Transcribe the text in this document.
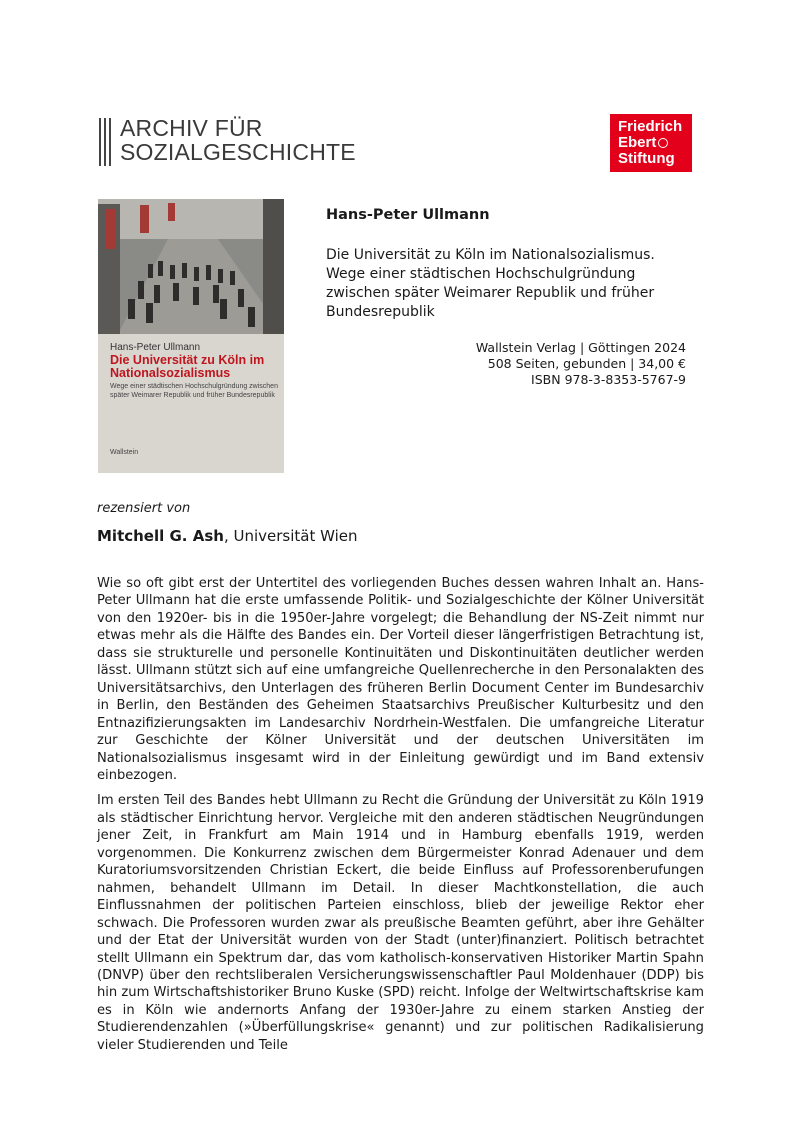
ARCHIV FÜR
SOZIALGESCHICHTE
Friedrich
Ebert
Stiftung
Hans-Peter Ullmann
Die Universität zu Köln im Nationalsozialismus
Wege einer städtischen Hochschulgründung zwischen später Weimarer Republik und früher Bundesrepublik
Wallstein
Hans-Peter Ullmann
Die Universität zu Köln im Nationalsozialismus. Wege einer städtischen Hochschulgründung zwischen später Weimarer Republik und früher Bundesrepublik
Wallstein Verlag | Göttingen 2024
508 Seiten, gebunden | 34,00 €
ISBN 978-3-8353-5767-9
rezensiert von
Mitchell G. Ash, Universität Wien

Wie so oft gibt erst der Untertitel des vorliegenden Buches dessen wahren Inhalt an. Hans-Peter Ullmann hat die erste umfassende Politik- und Sozialgeschichte der Kölner Universität von den 1920er- bis in die 1950er-Jahre vorgelegt; die Behandlung der NS-Zeit nimmt nur etwas mehr als die Hälfte des Bandes ein. Der Vorteil dieser längerfristigen Betrachtung ist, dass sie strukturelle und personelle Kontinuitäten und Diskontinuitäten deutlicher werden lässt. Ullmann stützt sich auf eine umfangreiche Quellenrecherche in den Personalakten des Universitätsarchivs, den Unterlagen des früheren Berlin Document Center im Bundesarchiv in Berlin, den Beständen des Geheimen Staatsarchivs Preußischer Kulturbesitz und den Entnazifizierungsakten im Landesarchiv Nordrhein-Westfalen. Die umfangreiche Literatur zur Geschichte der Kölner Universität und der deutschen Universitäten im Nationalsozialismus insgesamt wird in der Einleitung gewürdigt und im Band extensiv einbezogen.

Im ersten Teil des Bandes hebt Ullmann zu Recht die Gründung der Universität zu Köln 1919 als städtischer Einrichtung hervor. Vergleiche mit den anderen städtischen Neugründungen jener Zeit, in Frankfurt am Main 1914 und in Hamburg ebenfalls 1919, werden vorgenommen. Die Konkurrenz zwischen dem Bürgermeister Konrad Adenauer und dem Kuratoriumsvorsitzenden Christian Eckert, die beide Einfluss auf Professorenberufungen nahmen, behandelt Ullmann im Detail. In dieser Machtkonstellation, die auch Einflussnahmen der politischen Parteien einschloss, blieb der jeweilige Rektor eher schwach. Die Professoren wurden zwar als preußische Beamten geführt, aber ihre Gehälter und der Etat der Universität wurden von der Stadt (unter)finanziert. Politisch betrachtet stellt Ullmann ein Spektrum dar, das vom katholisch-konservativen Historiker Martin Spahn (DNVP) über den rechtsliberalen Versicherungswissenschaftler Paul Moldenhauer (DDP) bis hin zum Wirtschaftshistoriker Bruno Kuske (SPD) reicht. Infolge der Weltwirtschaftskrise kam es in Köln wie andernorts Anfang der 1930er-Jahre zu einem starken Anstieg der Studierendenzahlen (»Überfüllungskrise« genannt) und zur politischen Radikalisierung vieler Studierenden und Teile
